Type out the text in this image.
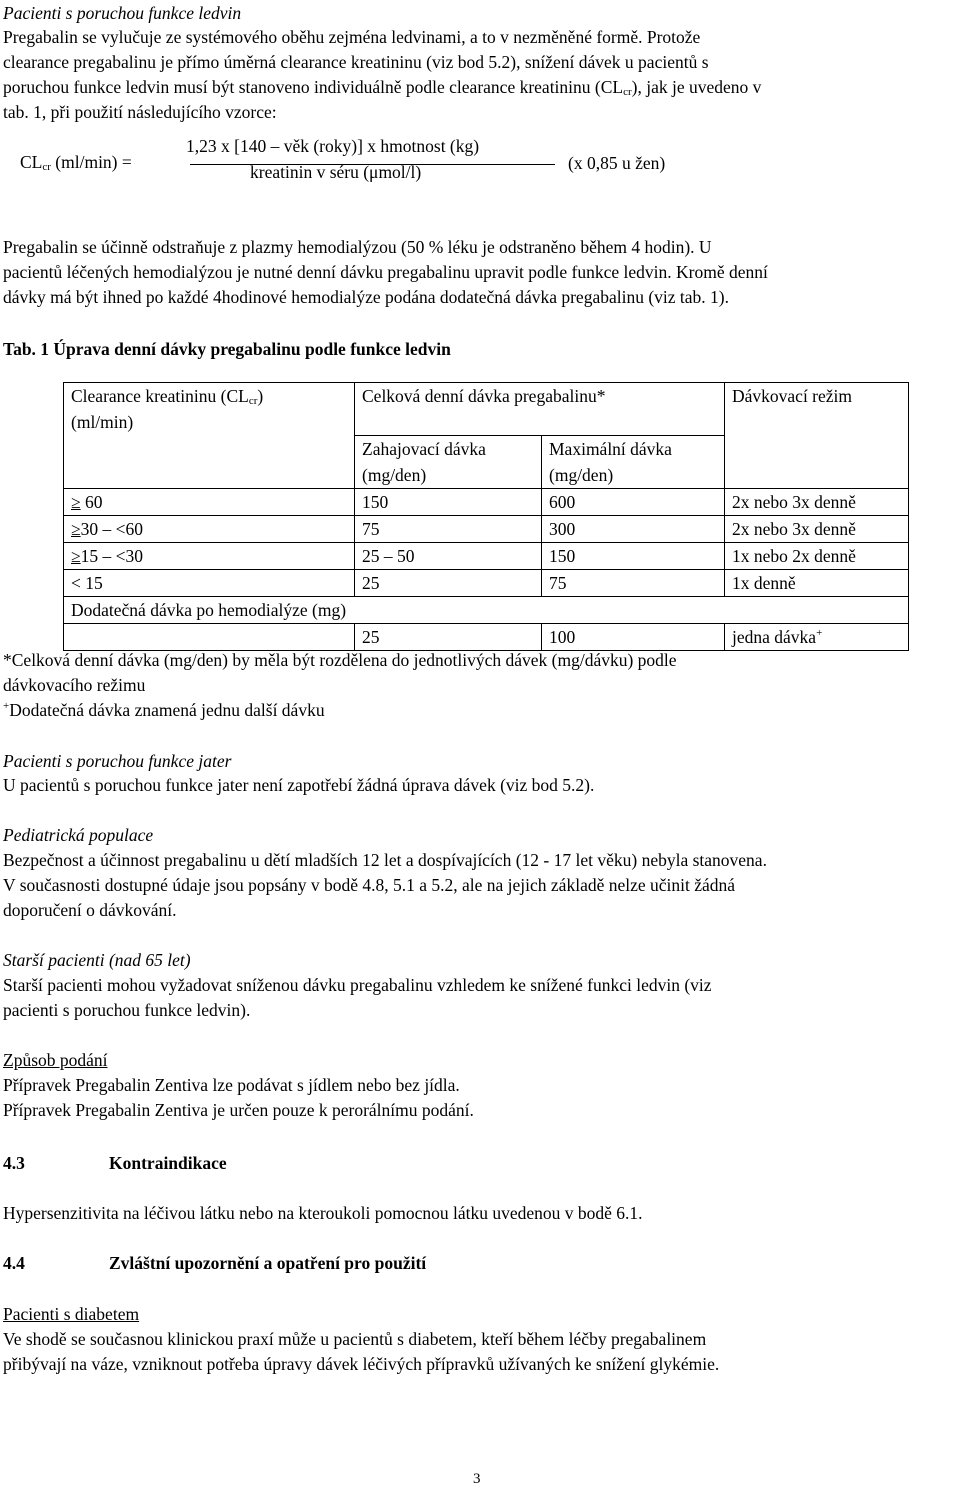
Pacienti s poruchou funkce ledvin
Pregabalin se vylučuje ze systémového oběhu zejména ledvinami, a to v nezměněné formě. Protože
clearance pregabalinu je přímo úměrná clearance kreatininu (viz bod 5.2), snížení dávek u pacientů s
poruchou funkce ledvin musí být stanoveno individuálně podle clearance kreatininu $(CL_{cr})$, jak je uvedeno v
tab. 1, při použití následujícího vzorce:
$CL_{cr}$ (ml/min) =
1,23 x [140 – věk (roky)] x hmotnost (kg)
kreatinin v séru (μmol/l)	(x 0,85 u žen)
Pregabalin se účinně odstraňuje z plazmy hemodialýzou (50 % léku je odstraněno během 4 hodin). U
pacientů léčených hemodialýzou je nutné denní dávku pregabalinu upravit podle funkce ledvin. Kromě denní
dávky má být ihned po každé 4hodinové hemodialýze podána dodatečná dávka pregabalinu (viz tab. 1).
Tab. 1 Úprava denní dávky pregabalinu podle funkce ledvin
Clearance kreatininu $(CL_{cr})$
(ml/min)	Celková denní dávka pregabalinu*		Dávkovací režim
	Zahajovací dávka
(mg/den)	Maximální dávka
(mg/den)	
≥ 60	150	600	2x nebo 3x denně
≥30 – <60	75	300	2x nebo 3x denně
≥15 – <30	25 – 50	150	1x nebo 2x denně
< 15	25	75	1x denně
Dodatečná dávka po hemodialýze (mg)			
	25	100	jedna dávka+
*Celková denní dávka (mg/den) by měla být rozdělena do jednotlivých dávek (mg/dávku) podle
dávkovacího režimu
+Dodatečná dávka znamená jednu další dávku
Pacienti s poruchou funkce jater
U pacientů s poruchou funkce jater není zapotřebí žádná úprava dávek (viz bod 5.2).
Pediatrická populace
Bezpečnost a účinnost pregabalinu u dětí mladších 12 let a dospívajících (12 - 17 let věku) nebyla stanovena.
V současnosti dostupné údaje jsou popsány v bodě 4.8, 5.1 a 5.2, ale na jejich základě nelze učinit žádná
doporučení o dávkování.
Starší pacienti (nad 65 let)
Starší pacienti mohou vyžadovat sníženou dávku pregabalinu vzhledem ke snížené funkci ledvin (viz
pacienti s poruchou funkce ledvin).
Způsob podání
Přípravek Pregabalin Zentiva lze podávat s jídlem nebo bez jídla.
Přípravek Pregabalin Zentiva je určen pouze k perorálnímu podání.
4.3	Kontraindikace
Hypersenzitivita na léčivou látku nebo na kteroukoli pomocnou látku uvedenou v bodě 6.1.
4.4	Zvláštní upozornění a opatření pro použití
Pacienti s diabetem
Ve shodě se současnou klinickou praxí může u pacientů s diabetem, kteří během léčby pregabalinem
přibývají na váze, vzniknout potřeba úpravy dávek léčivých přípravků užívaných ke snížení glykémie.
3
